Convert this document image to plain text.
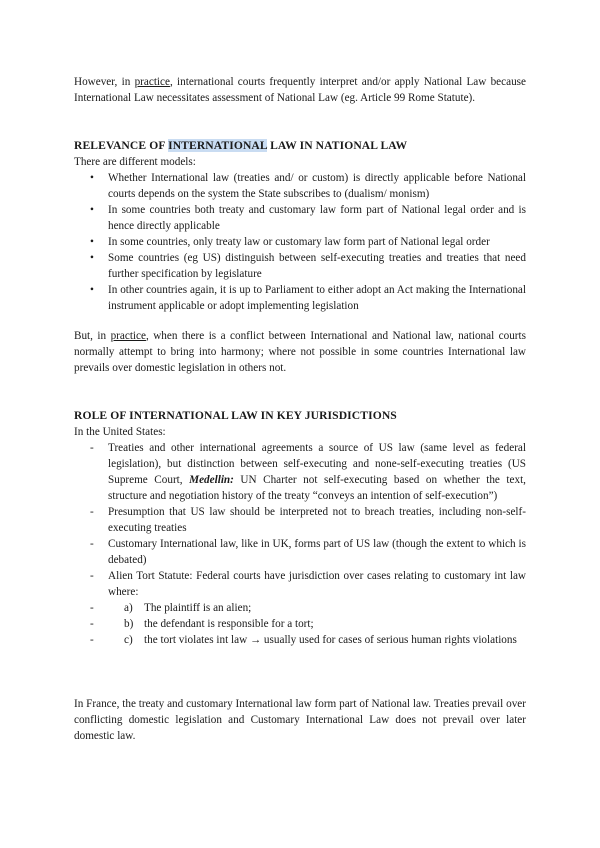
However, in practice, international courts frequently interpret and/or apply National Law because International Law necessitates assessment of National Law (eg. Article 99 Rome Statute).

RELEVANCE OF INTERNATIONAL LAW IN NATIONAL LAW

There are different models:

• Whether International law (treaties and/ or custom) is directly applicable before National courts depends on the system the State subscribes to (dualism/ monism)
• In some countries both treaty and customary law form part of National legal order and is hence directly applicable
• In some countries, only treaty law or customary law form part of National legal order
• Some countries (eg US) distinguish between self-executing treaties and treaties that need further specification by legislature
• In other countries again, it is up to Parliament to either adopt an Act making the International instrument applicable or adopt implementing legislation

But, in practice, when there is a conflict between International and National law, national courts normally attempt to bring into harmony; where not possible in some countries International law prevails over domestic legislation in others not.

ROLE OF INTERNATIONAL LAW IN KEY JURISDICTIONS

In the United States:

- Treaties and other international agreements a source of US law (same level as federal legislation), but distinction between self-executing and none-self-executing treaties (US Supreme Court, Medellin: UN Charter not self-executing based on whether the text, structure and negotiation history of the treaty “conveys an intention of self-execution”)
- Presumption that US law should be interpreted not to breach treaties, including non-self-executing treaties
- Customary International law, like in UK, forms part of US law (though the extent to which is debated)
- Alien Tort Statute: Federal courts have jurisdiction over cases relating to customary int law where:
- a) The plaintiff is an alien;
- b) the defendant is responsible for a tort;
- c) the tort violates int law → usually used for cases of serious human rights violations

In France, the treaty and customary International law form part of National law. Treaties prevail over conflicting domestic legislation and Customary International Law does not prevail over later domestic law.
